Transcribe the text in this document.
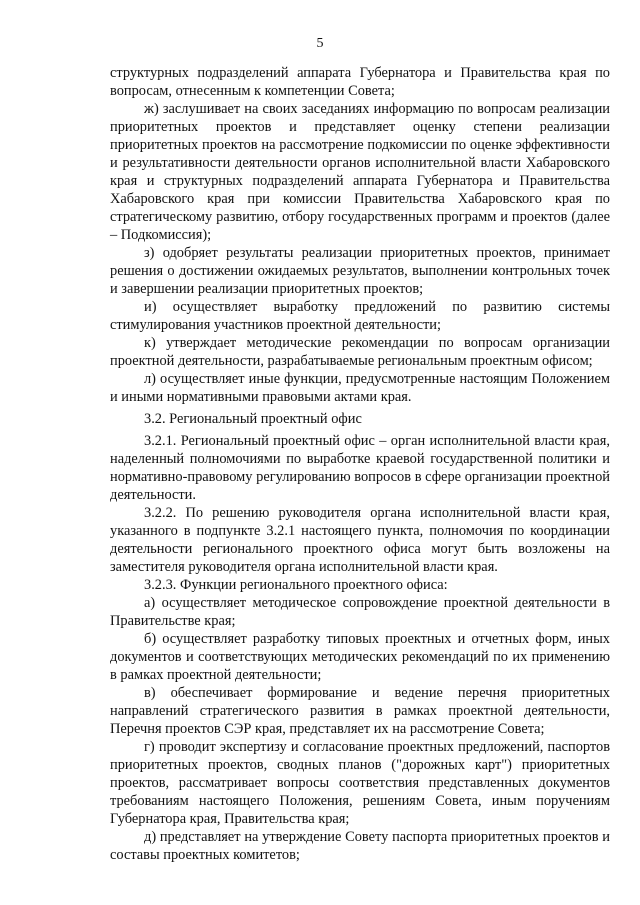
5

структурных подразделений аппарата Губернатора и Правительства края по вопросам, отнесенным к компетенции Совета;

ж) заслушивает на своих заседаниях информацию по вопросам реализации приоритетных проектов и представляет оценку степени реализации приоритетных проектов на рассмотрение подкомиссии по оценке эффективности и результативности деятельности органов исполнительной власти Хабаровского края и структурных подразделений аппарата Губернатора и Правительства Хабаровского края при комиссии Правительства Хабаровского края по стратегическому развитию, отбору государственных программ и проектов (далее – Подкомиссия);

з) одобряет результаты реализации приоритетных проектов, принимает решения о достижении ожидаемых результатов, выполнении контрольных точек и завершении реализации приоритетных проектов;

и) осуществляет выработку предложений по развитию системы стимулирования участников проектной деятельности;

к) утверждает методические рекомендации по вопросам организации проектной деятельности, разрабатываемые региональным проектным офисом;

л) осуществляет иные функции, предусмотренные настоящим Положением и иными нормативными правовыми актами края.

3.2. Региональный проектный офис

3.2.1. Региональный проектный офис – орган исполнительной власти края, наделенный полномочиями по выработке краевой государственной политики и нормативно-правовому регулированию вопросов в сфере организации проектной деятельности.

3.2.2. По решению руководителя органа исполнительной власти края, указанного в подпункте 3.2.1 настоящего пункта, полномочия по координации деятельности регионального проектного офиса могут быть возложены на заместителя руководителя органа исполнительной власти края.

3.2.3. Функции регионального проектного офиса:

а) осуществляет методическое сопровождение проектной деятельности в Правительстве края;

б) осуществляет разработку типовых проектных и отчетных форм, иных документов и соответствующих методических рекомендаций по их применению в рамках проектной деятельности;

в) обеспечивает формирование и ведение перечня приоритетных направлений стратегического развития в рамках проектной деятельности, Перечня проектов СЭР края, представляет их на рассмотрение Совета;

г) проводит экспертизу и согласование проектных предложений, паспортов приоритетных проектов, сводных планов ("дорожных карт") приоритетных проектов, рассматривает вопросы соответствия представленных документов требованиям настоящего Положения, решениям Совета, иным поручениям Губернатора края, Правительства края;

д) представляет на утверждение Совету паспорта приоритетных проектов и составы проектных комитетов;
